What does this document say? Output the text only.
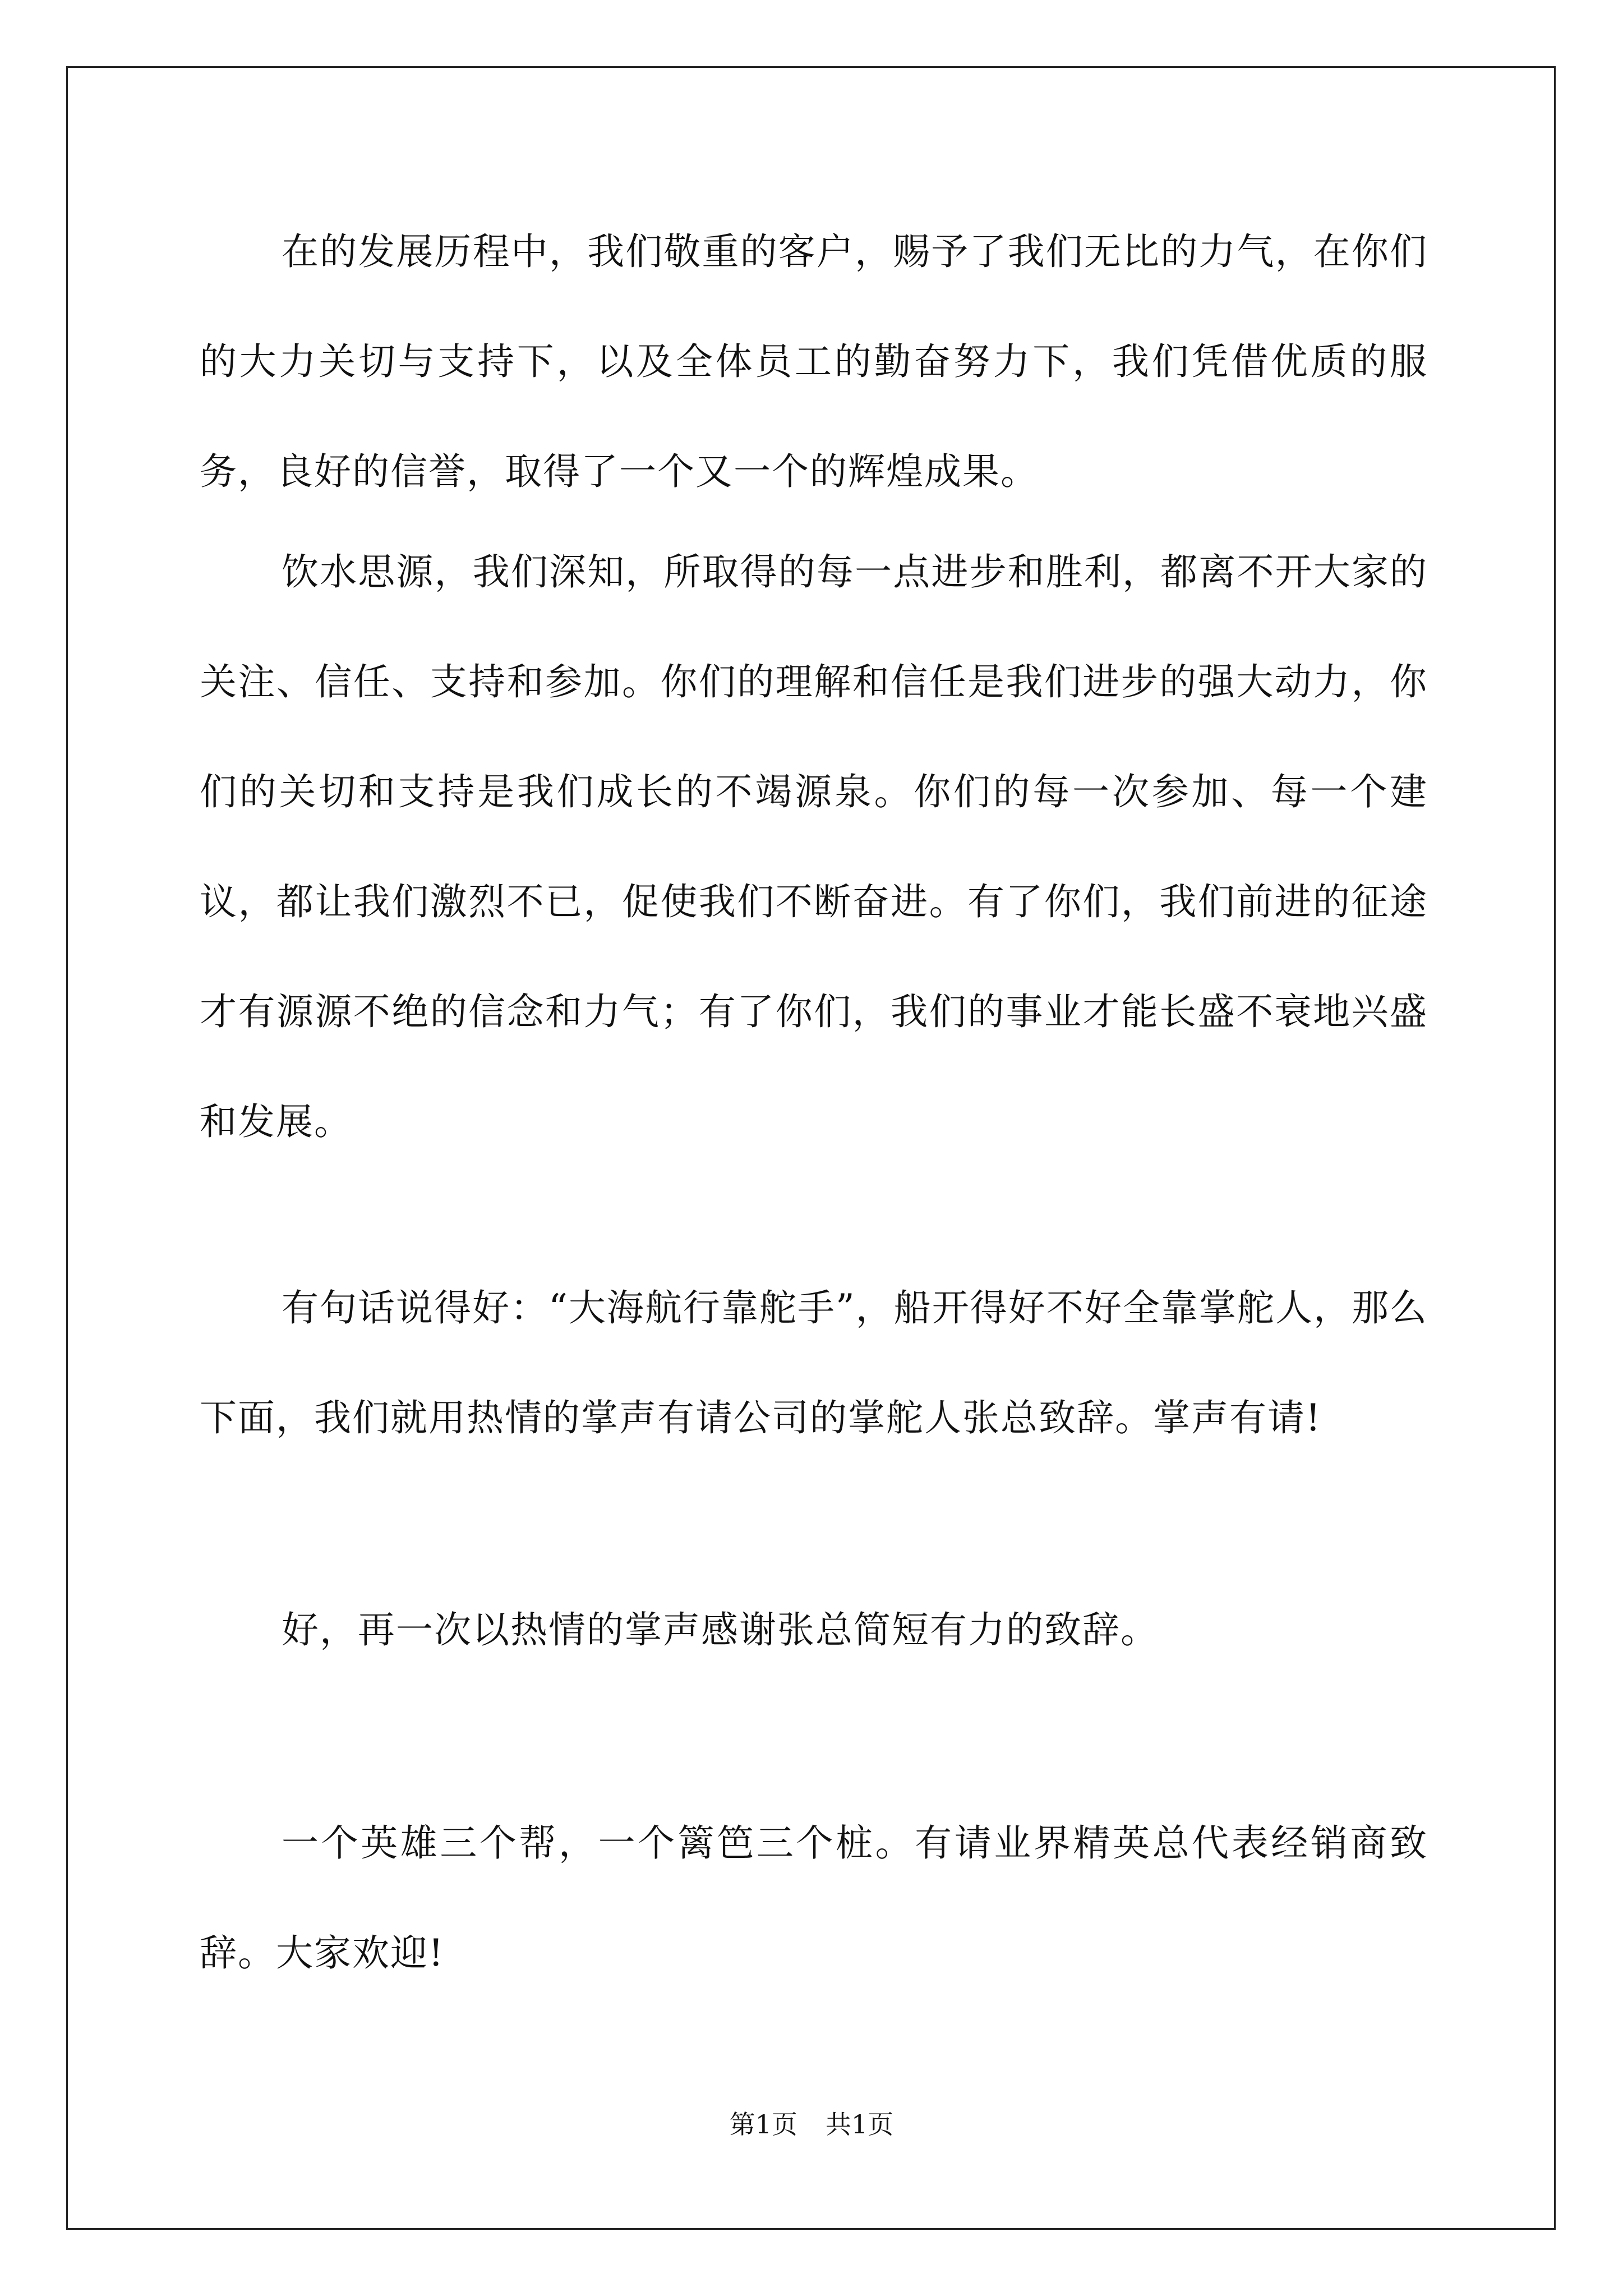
在的发展历程中，我们敬重的客户，赐予了我们无比的力气，在你们的大力关切与支持下，以及全体员工的勤奋努力下，我们凭借优质的服务，良好的信誉，取得了一个又一个的辉煌成果。

饮水思源，我们深知，所取得的每一点进步和胜利，都离不开大家的关注、信任、支持和参加。你们的理解和信任是我们进步的强大动力，你们的关切和支持是我们成长的不竭源泉。你们的每一次参加、每一个建议，都让我们激烈不已，促使我们不断奋进。有了你们，我们前进的征途才有源源不绝的信念和力气；有了你们，我们的事业才能长盛不衰地兴盛和发展。

有句话说得好：“大海航行靠舵手”，船开得好不好全靠掌舵人，那么下面，我们就用热情的掌声有请公司的掌舵人张总致辞。掌声有请!

好，再一次以热情的掌声感谢张总简短有力的致辞。

一个英雄三个帮，一个篱笆三个桩。有请业界精英总代表经销商致辞。大家欢迎!

第1页 共1页
